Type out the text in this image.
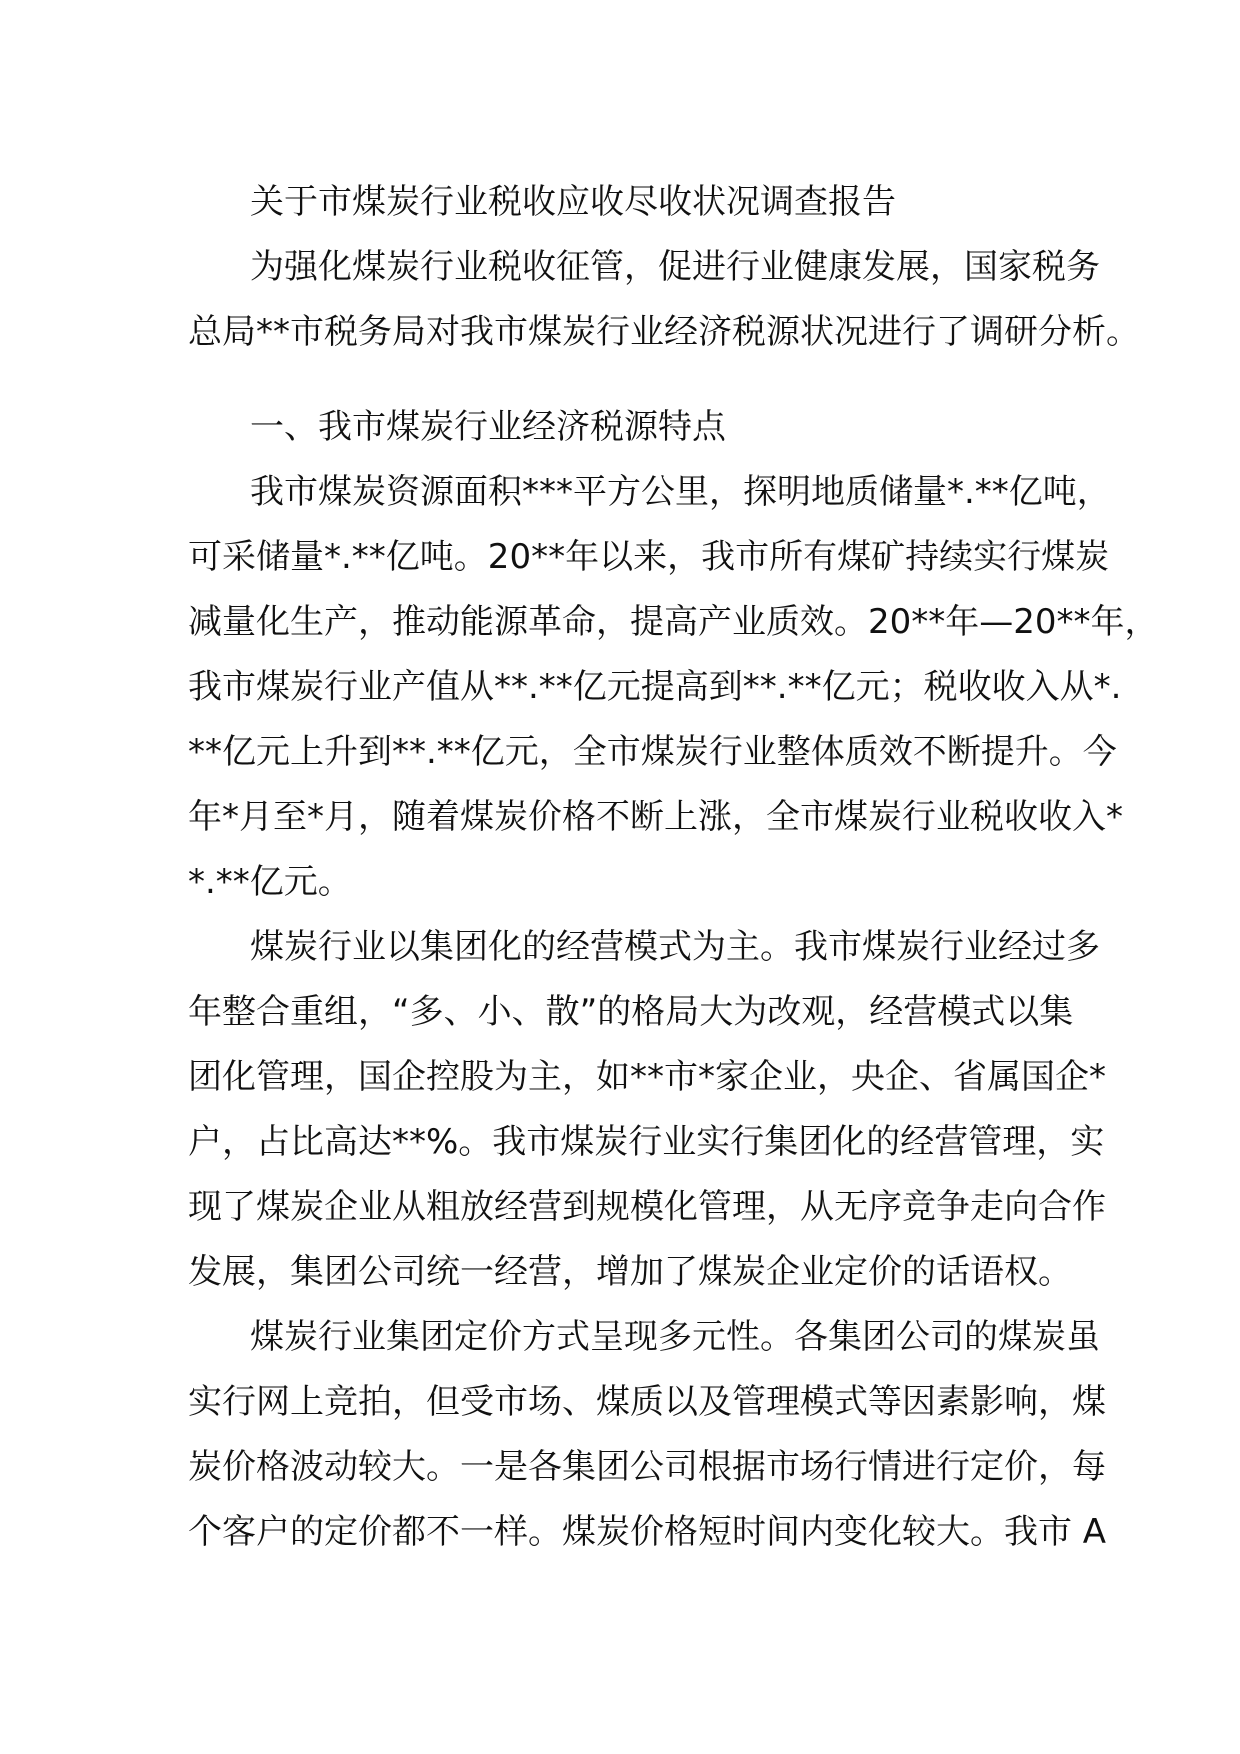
关于市煤炭行业税收应收尽收状况调查报告
为强化煤炭行业税收征管，促进行业健康发展，国家税务
总局**市税务局对我市煤炭行业经济税源状况进行了调研分析。
一、我市煤炭行业经济税源特点
我市煤炭资源面积***平方公里，探明地质储量*.**亿吨，
可采储量*.**亿吨。20**年以来，我市所有煤矿持续实行煤炭
减量化生产，推动能源革命，提高产业质效。20**年—20**年，
我市煤炭行业产值从**.**亿元提高到**.**亿元；税收收入从*.
**亿元上升到**.**亿元，全市煤炭行业整体质效不断提升。今
年*月至*月，随着煤炭价格不断上涨，全市煤炭行业税收收入*
*.**亿元。
煤炭行业以集团化的经营模式为主。我市煤炭行业经过多
年整合重组，“多、小、散”的格局大为改观，经营模式以集
团化管理，国企控股为主，如**市*家企业，央企、省属国企*
户，占比高达**%。我市煤炭行业实行集团化的经营管理，实
现了煤炭企业从粗放经营到规模化管理，从无序竞争走向合作
发展，集团公司统一经营，增加了煤炭企业定价的话语权。
煤炭行业集团定价方式呈现多元性。各集团公司的煤炭虽
实行网上竞拍，但受市场、煤质以及管理模式等因素影响，煤
炭价格波动较大。一是各集团公司根据市场行情进行定价，每
个客户的定价都不一样。煤炭价格短时间内变化较大。我市 A
